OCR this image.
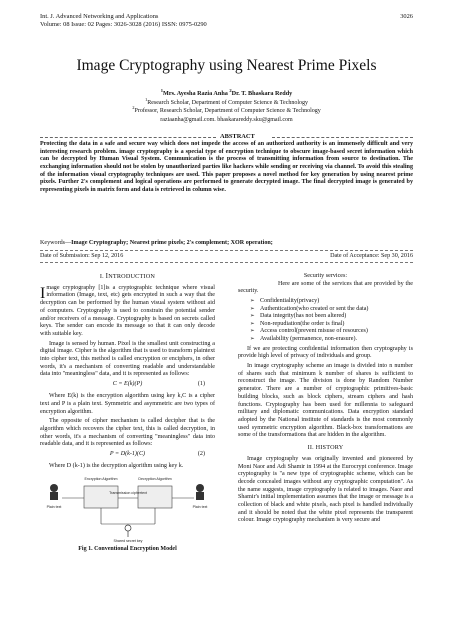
Int. J. Advanced Networking and Applications
Volume: 08 Issue: 02 Pages: 3026-3028 (2016) ISSN: 0975-0290
3026
Image Cryptography using Nearest Prime Pixels
$^1$Mrs. Ayesha Razia Anha $^2$Dr. T. Bhaskara Reddy

$^1$Research Scholar, Department of Computer Science & Technology

$^2$Professor, Research Scholar, Department of Computer Science & Technology

raziaanha@gmail.com. bhaskarareddy.sku@gmail.com

ABSTRACT
Protecting the data in a safe and secure way which does not impede the access of an authorized authority is an immensely difficult and very interesting research problem. image cryptography is a special type of encryption technique to obscure image-based secret information which can be decrypted by Human Visual System. Communication is the process of transmitting information from source to destination. The exchanging information should not be stolen by unauthorized parties like hackers while sending or receiving via channel. To avoid this stealing of the information visual cryptography techniques are used. This paper proposes a novel method for key generation by using nearest prime pixels. Further 2's complement and logical operations are performed to generate decrypted image. The final decrypted image is generated by representing pixels in matrix form and data is retrieved in column wise.
Keywords—Image Cryptography; Nearest prime pixels; 2's complement; XOR operation;
Date of Submission: Sep 12, 2016	Date of Acceptance: Sep 30, 2016
I. INTRODUCTION
Image cryptography [1]is a cryptographic technique where visual information (Image, text, etc) gets encrypted in such a way that the decryption can be performed by the human visual system without aid of computers. Cryptography is used to constrain the potential sender and/or receivers of a message. Cryptography is based on secrets called keys. The sender can encode its message so that it can only decode with suitable key.
Image is sensed by human. Pixel is the smallest unit constructing a digital image. Cipher is the algorithm that is used to transform plaintext into cipher text, this method is called encryption or enciphers, in other words, it's a mechanism of converting readable and understandable data into "meaningless" data, and it is represented as follows:
C = E(k)(P)	(1)
Where E(k) is the encryption algorithm using key k,C is a cipher text and P is a plain text. Symmetric and asymmetric are two types of encryption algorithm.
The opposite of cipher mechanism is called decipher that is the algorithm which recovers the cipher text, this is called decryption, in other words, it's a mechanism of converting "meaningless" data into readable data, and it is represented as follows:
P = D(k-1)(C)	(2)
Where D (k-1) is the decryption algorithm using key k.
Encryption Algorithm	Decryption Algorithm
Plain text	Plain text
Transmission ciphertext
Shared secret key
Fig 1. Conventional Encryption Model
Security services:
Here are some of the services that are provided by the security.
➢ Confidentiality(privacy)
➢ Authentication(who created or sent the data)
➢ Data integrity(has not been altered)
➢ Non-repudiation(the order is final)
➢ Access control(prevent misuse of resources)
➢ Availability (permanence, non-erasure).
If we are protecting confidential information then cryptography is provide high level of privacy of individuals and group.
In image cryptography scheme an image is divided into n number of shares such that minimum k number of shares is sufficient to reconstruct the image. The division is done by Random Number generator. There are a number of cryptographic primitives-basic building blocks, such as block ciphers, stream ciphers and hash functions. Cryptography has been used for millennia to safeguard military and diplomatic communications. Data encryption standard adopted by the National institute of standards is the most commonly used symmetric encryption algorithm. Black-box transformations are some of the transformations that are hidden in the algorithm.
II. HISTORY
Image cryptography was originally invented and pioneered by Moni Naor and Adi Shamir in 1994 at the Eurocrypt conference. Image cryptography is "a new type of cryptographic scheme, which can be decode concealed images without any cryptographic computation". As the name suggests, image cryptography is related to images. Naor and Shamir's initial implementation assumes that the image or message is a collection of black and white pixels, each pixel is handled individually and it should be noted that the white pixel represents the transparent colour. Image cryptography mechanism is very secure and
